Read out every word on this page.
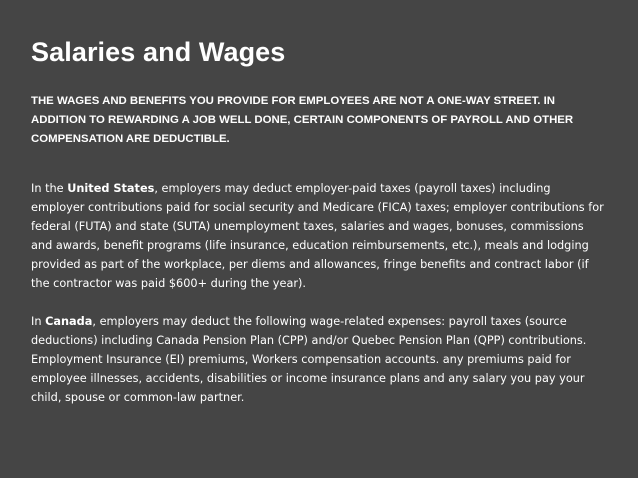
Salaries and Wages

THE WAGES AND BENEFITS YOU PROVIDE FOR EMPLOYEES ARE NOT A ONE-WAY STREET. IN ADDITION TO REWARDING A JOB WELL DONE, CERTAIN COMPONENTS OF PAYROLL AND OTHER COMPENSATION ARE DEDUCTIBLE.

In the United States, employers may deduct employer-paid taxes (payroll taxes) including employer contributions paid for social security and Medicare (FICA) taxes; employer contributions for federal (FUTA) and state (SUTA) unemployment taxes, salaries and wages, bonuses, commissions and awards, benefit programs (life insurance, education reimbursements, etc.), meals and lodging provided as part of the workplace, per diems and allowances, fringe benefits and contract labor (if the contractor was paid $600+ during the year).

In Canada, employers may deduct the following wage-related expenses: payroll taxes (source deductions) including Canada Pension Plan (CPP) and/or Quebec Pension Plan (QPP) contributions. Employment Insurance (EI) premiums, Workers compensation accounts. any premiums paid for employee illnesses, accidents, disabilities or income insurance plans and any salary you pay your child, spouse or common-law partner.
